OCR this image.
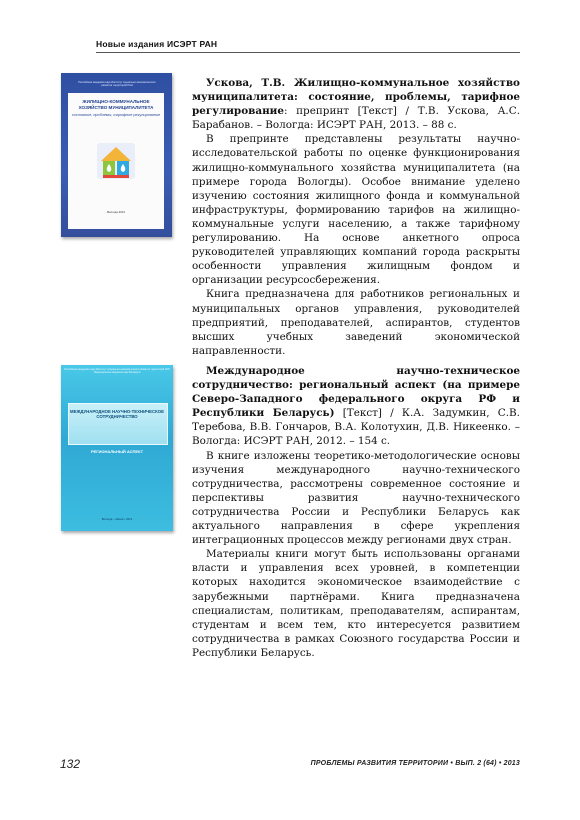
Новые издания ИСЭРТ РАН
Российская академия наук Институт социально-экономического развития территорий РАН
ЖИЛИЩНО-КОММУНАЛЬНОЕ ХОЗЯЙСТВО МУНИЦИПАЛИТЕТА
состояние, проблемы, тарифное регулирование
Вологда 2013

Ускова, Т.В. Жилищно-коммунальное хозяйство муниципалитета: состояние, проблемы, тарифное регулирование: препринт [Текст] / Т.В. Ускова, А.С. Барабанов. – Вологда: ИСЭРТ РАН, 2013. – 88 с.

В препринте представлены результаты научно-исследовательской работы по оценке функционирования жилищно-коммунального хозяйства муниципалитета (на примере города Вологды). Особое внимание уделено изучению состояния жилищного фонда и коммунальной инфраструктуры, формированию тарифов на жилищно-коммунальные услуги населению, а также тарифному регулированию. На основе анкетного опроса руководителей управляющих компаний города раскрыты особенности управления жилищным фондом и организации ресурсосбережения.

Книга предназначена для работников региональных и муниципальных органов управления, руководителей предприятий, преподавателей, аспирантов, студентов высших учебных заведений экономической направленности.

Российская академия наук Институт социально-экономического развития территорий РАН Национальная академия наук Беларуси
МЕЖДУНАРОДНОЕ НАУЧНО-ТЕХНИЧЕСКОЕ СОТРУДНИЧЕСТВО
РЕГИОНАЛЬНЫЙ АСПЕКТ
Вологда – Минск • 2012

Международное научно-техническое сотрудничество: региональный аспект (на примере Северо-Западного федерального округа РФ и Республики Беларусь) [Текст] / К.А. Задумкин, С.В. Теребова, В.В. Гончаров, В.А. Колотухин, Д.В. Никеенко. – Вологда: ИСЭРТ РАН, 2012. – 154 с.

В книге изложены теоретико-методологические основы изучения международного научно-технического сотрудничества, рассмотрены современное состояние и перспективы развития научно-технического сотрудничества России и Республики Беларусь как актуального направления в сфере укрепления интеграционных процессов между регионами двух стран.

Материалы книги могут быть использованы органами власти и управления всех уровней, в компетенции которых находится экономическое взаимодействие с зарубежными партнёрами. Книга предназначена специалистам, политикам, преподавателям, аспирантам, студентам и всем тем, кто интересуется развитием сотрудничества в рамках Союзного государства России и Республики Беларусь.

132	ПРОБЛЕМЫ РАЗВИТИЯ ТЕРРИТОРИИ • ВЫП. 2 (64) • 2013
